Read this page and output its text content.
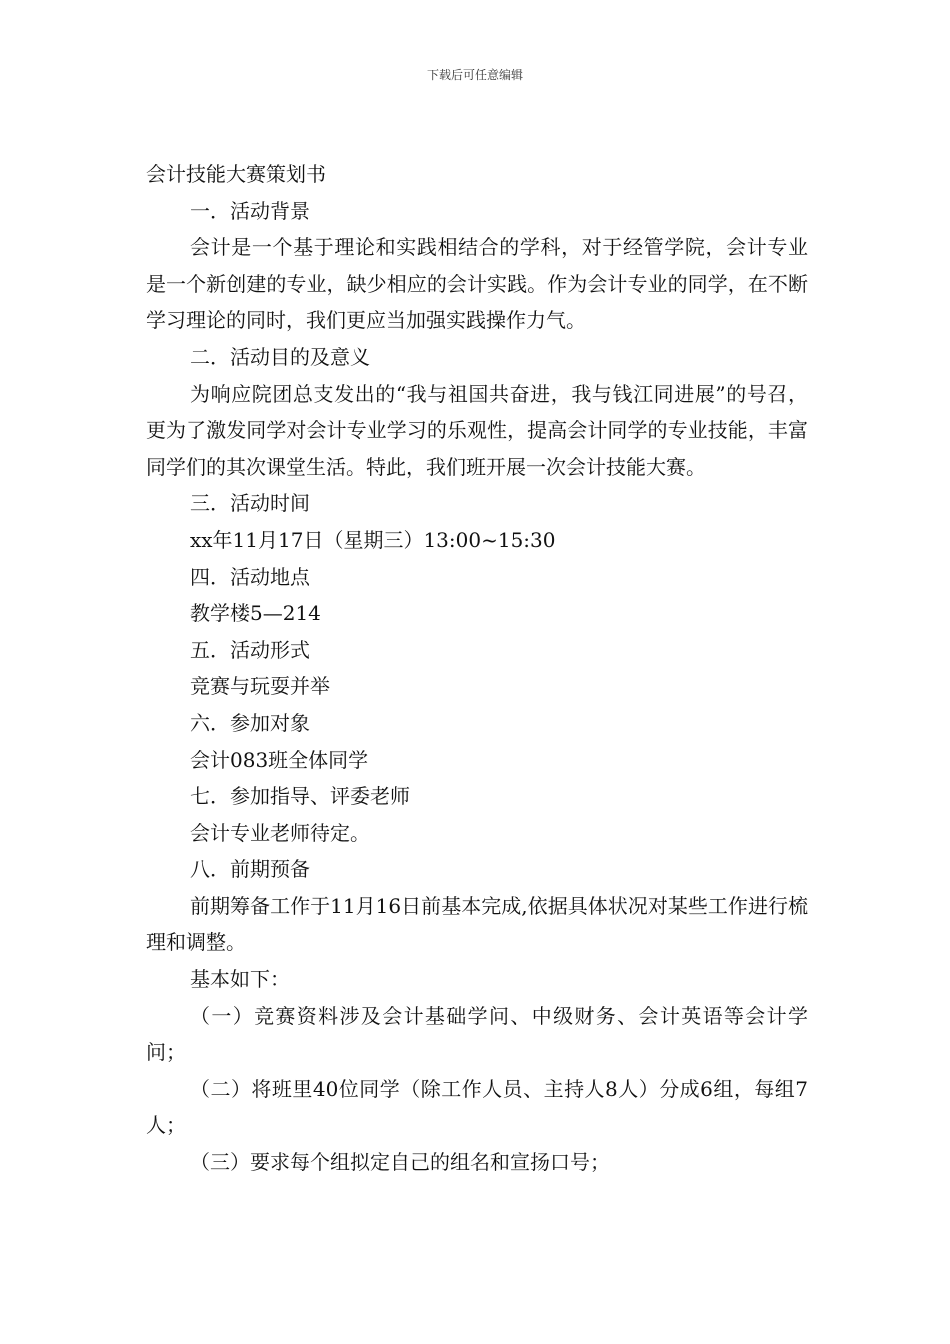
下载后可任意编辑

会计技能大赛策划书

一．活动背景

会计是一个基于理论和实践相结合的学科，对于经管学院，会计专业是一个新创建的专业，缺少相应的会计实践。作为会计专业的同学，在不断学习理论的同时，我们更应当加强实践操作力气。

二．活动目的及意义

为响应院团总支发出的“我与祖国共奋进，我与钱江同进展”的号召，更为了激发同学对会计专业学习的乐观性，提高会计同学的专业技能，丰富同学们的其次课堂生活。特此，我们班开展一次会计技能大赛。

三．活动时间

xx年11月17日（星期三）13:00~15:30

四．活动地点

教学楼5—214

五．活动形式

竞赛与玩耍并举

六．参加对象

会计083班全体同学

七．参加指导、评委老师

会计专业老师待定。

八．前期预备

前期筹备工作于11月16日前基本完成,依据具体状况对某些工作进行梳理和调整。

基本如下：

（一）竞赛资料涉及会计基础学问、中级财务、会计英语等会计学问；

（二）将班里40位同学（除工作人员、主持人8人）分成6组，每组7人；

（三）要求每个组拟定自己的组名和宣扬口号；
